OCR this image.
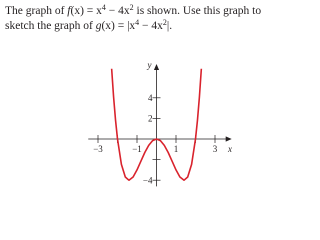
The graph of $f(x) = x^4 - 4x^2$ is shown. Use this graph to
sketch the graph of $g(x) = |x^4 - 4x^2|$.
−3	−1	1	3
4
2
−4
x
y
